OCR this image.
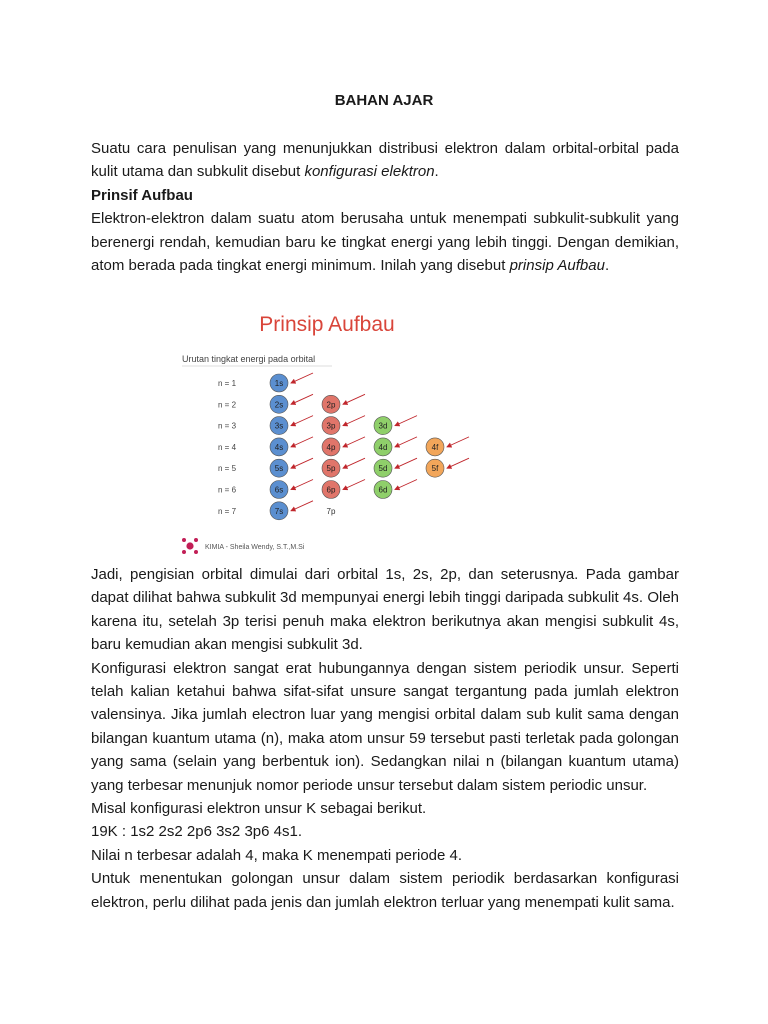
BAHAN AJAR

Suatu cara penulisan yang menunjukkan distribusi elektron dalam orbital-orbital pada kulit utama dan subkulit disebut konfigurasi elektron.

Prinsif Aufbau

Elektron-elektron dalam suatu atom berusaha untuk menempati subkulit-subkulit yang berenergi rendah, kemudian baru ke tingkat energi yang lebih tinggi. Dengan demikian, atom berada pada tingkat energi minimum. Inilah yang disebut prinsip Aufbau.

Prinsip Aufbau
Urutan tingkat energi pada orbital
n = 1
n = 2
n = 3
n = 4
n = 5
n = 6
n = 7
1s
2s
3s
4s
5s
6s
7s
2p
3p
4p
5p
6p
3d
4d
5d
6d
4f
5f
7p
KIMIA - Sheila Wendy, S.T.,M.Si

Jadi, pengisian orbital dimulai dari orbital 1s, 2s, 2p, dan seterusnya. Pada gambar dapat dilihat bahwa subkulit 3d mempunyai energi lebih tinggi daripada subkulit 4s. Oleh karena itu, setelah 3p terisi penuh maka elektron berikutnya akan mengisi subkulit 4s, baru kemudian akan mengisi subkulit 3d.

Konfigurasi elektron sangat erat hubungannya dengan sistem periodik unsur. Seperti telah kalian ketahui bahwa sifat-sifat unsure sangat tergantung pada jumlah elektron valensinya. Jika jumlah electron luar yang mengisi orbital dalam sub kulit sama dengan bilangan kuantum utama (n), maka atom unsur 59 tersebut pasti terletak pada golongan yang sama (selain yang berbentuk ion). Sedangkan nilai n (bilangan kuantum utama) yang terbesar menunjuk nomor periode unsur tersebut dalam sistem periodic unsur.

Misal konfigurasi elektron unsur K sebagai berikut.

19K : 1s2 2s2 2p6 3s2 3p6 4s1.

Nilai n terbesar adalah 4, maka K menempati periode 4.

Untuk menentukan golongan unsur dalam sistem periodik berdasarkan konfigurasi elektron, perlu dilihat pada jenis dan jumlah elektron terluar yang menempati kulit sama.
